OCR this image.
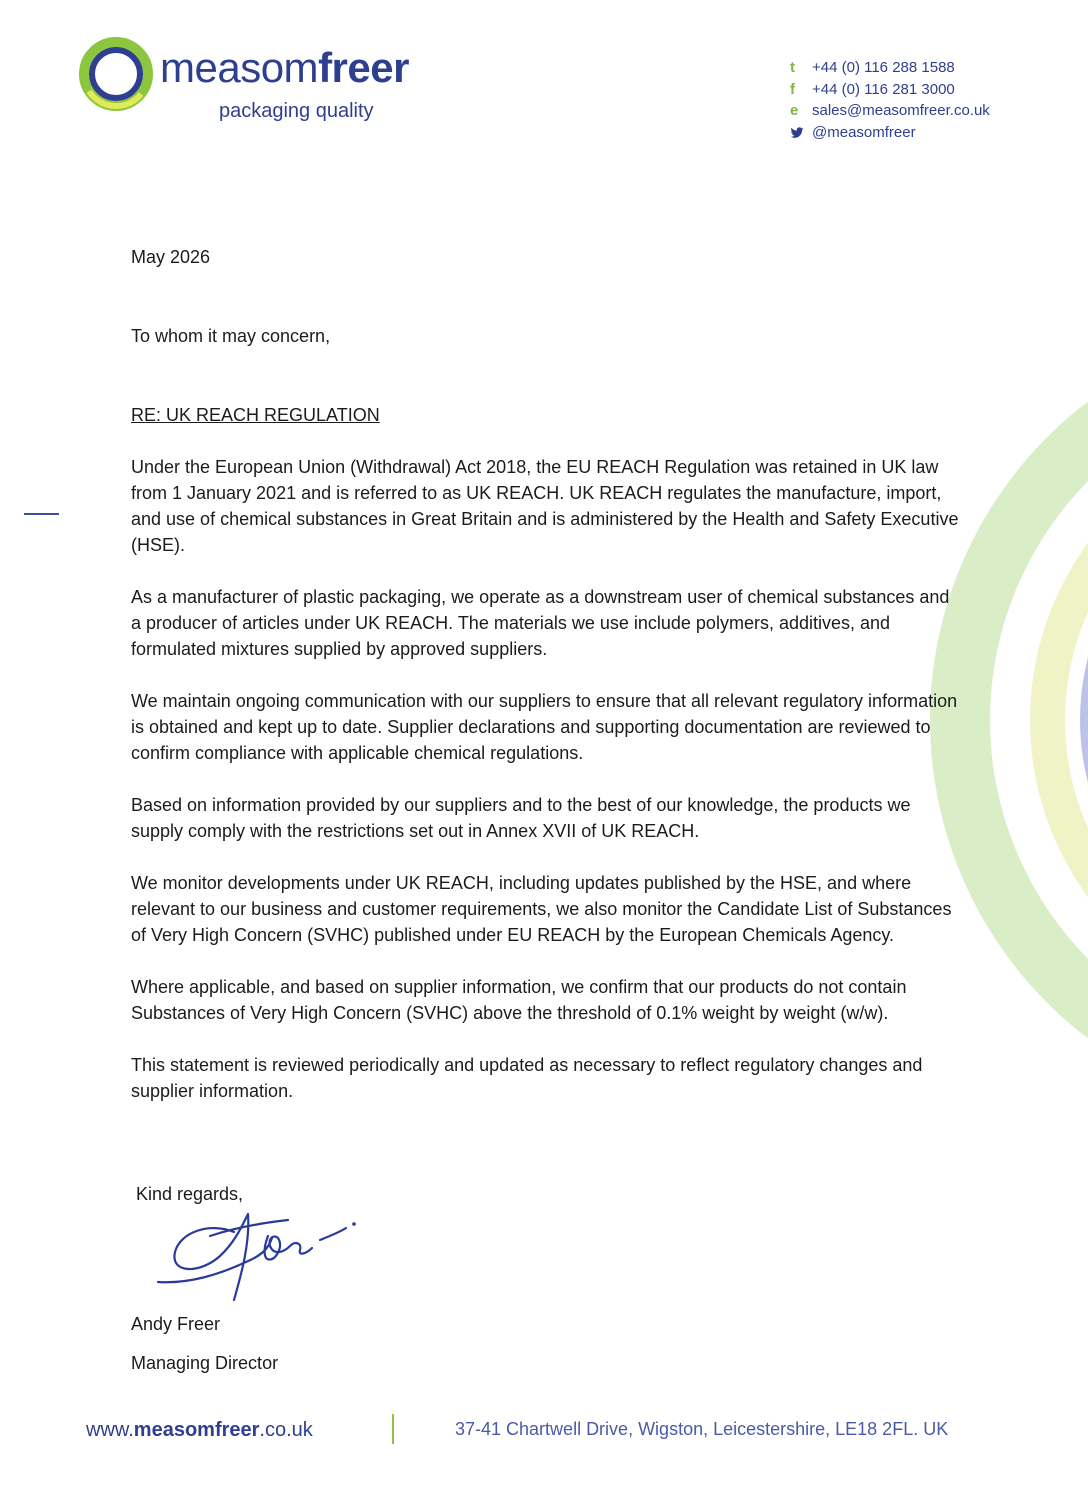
measomfreer
packaging quality
t +44 (0) 116 288 1588
f +44 (0) 116 281 3000
e sales@measomfreer.co.uk
@measomfreer

May 2026

To whom it may concern,

RE: UK REACH REGULATION

Under the European Union (Withdrawal) Act 2018, the EU REACH Regulation was retained in UK law from 1 January 2021 and is referred to as UK REACH. UK REACH regulates the manufacture, import, and use of chemical substances in Great Britain and is administered by the Health and Safety Executive (HSE).

As a manufacturer of plastic packaging, we operate as a downstream user of chemical substances and a producer of articles under UK REACH. The materials we use include polymers, additives, and formulated mixtures supplied by approved suppliers.

We maintain ongoing communication with our suppliers to ensure that all relevant regulatory information is obtained and kept up to date. Supplier declarations and supporting documentation are reviewed to confirm compliance with applicable chemical regulations.

Based on information provided by our suppliers and to the best of our knowledge, the products we supply comply with the restrictions set out in Annex XVII of UK REACH.

We monitor developments under UK REACH, including updates published by the HSE, and where relevant to our business and customer requirements, we also monitor the Candidate List of Substances of Very High Concern (SVHC) published under EU REACH by the European Chemicals Agency.

Where applicable, and based on supplier information, we confirm that our products do not contain Substances of Very High Concern (SVHC) above the threshold of 0.1% weight by weight (w/w).

This statement is reviewed periodically and updated as necessary to reflect regulatory changes and supplier information.

Kind regards,
Andy Freer
Managing Director
www.measomfreer.co.uk	37-41 Chartwell Drive, Wigston, Leicestershire, LE18 2FL. UK
